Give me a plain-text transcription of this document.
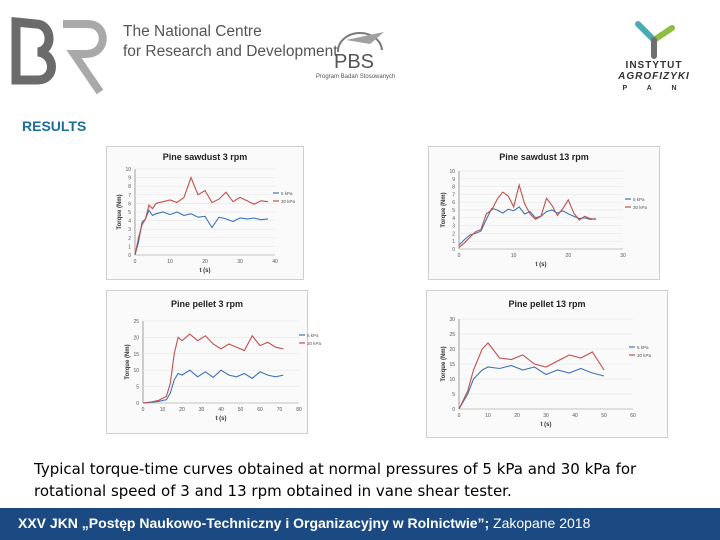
The National Centre
for Research and Development
PBS
Program Badań Stosowanych
INSTYTUT
AGROFIZYKI
P A N
RESULTS
Pine sawdust 3 rpm
0
1
2
3
4
5
6
7
8
9
10
0	10	20	30	40
t (s)
Torque (Nm)
5 kPa
30 kPa
Pine sawdust 13 rpm
0
1
2
3
4
5
6
7
8
9
10
0	10	20	30
t (s)
Torque (Nm)	5 kPa
30 kPa
Pine pellet 3 rpm
0
5
10
15
20
25
0	10	20	30	40	50	60	70	80
t (s)
Torque (Nm)
5 kPa
30 kPa
Pine pellet 13 rpm
0
5
10
15
20
25
30
0	10	20	30	40	50	60
t (s)
Torque (Nm)	5 kPa
30 kPa
Typical torque-time curves obtained at normal pressures of 5 kPa and 30 kPa for rotational speed of 3 and 13 rpm obtained in vane shear tester.
XXV JKN „Postęp Naukowo-Techniczny i Organizacyjny w Rolnictwie”; Zakopane 2018
